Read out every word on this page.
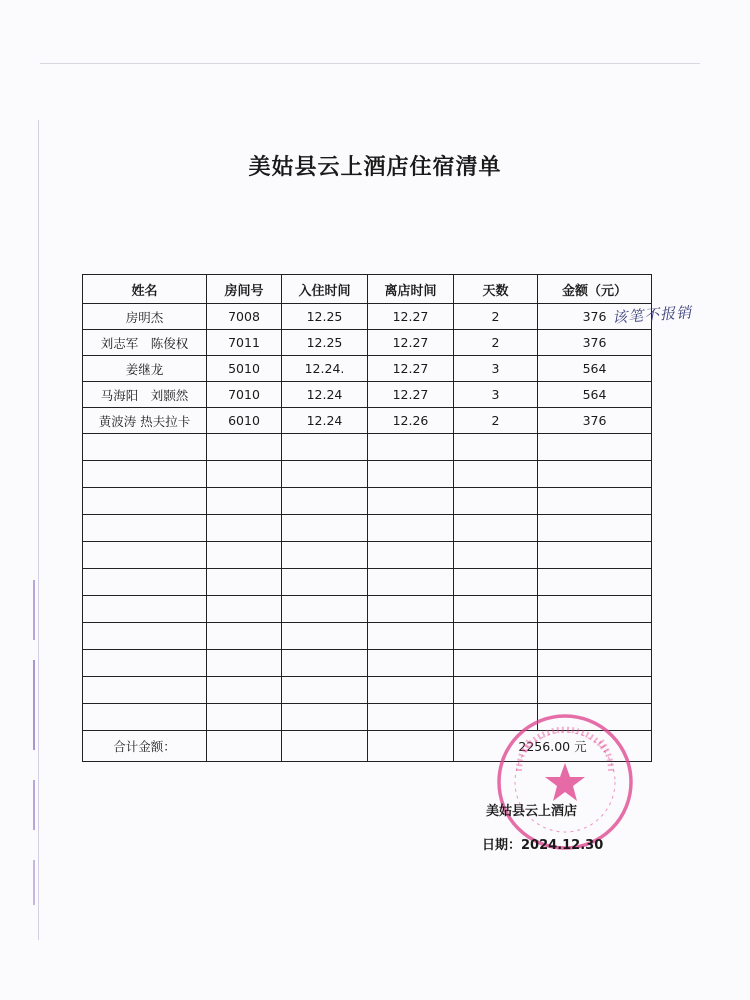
美姑县云上酒店住宿清单
姓名	房间号	入住时间	离店时间	天数	金额（元）
房明杰	7008	12.25	12.27	2	376
刘志军　陈俊权	7011	12.25	12.27	2	376
姜继龙	5010	12.24.	12.27	3	564
马海阳　刘颢然	7010	12.24	12.27	3	564
黄波涛 热夫拉卡	6010	12.24	12.26	2	376

合计金额：				2256.00 元	
该笔不报销
美姑县云上酒店
日期：2024.12.30
